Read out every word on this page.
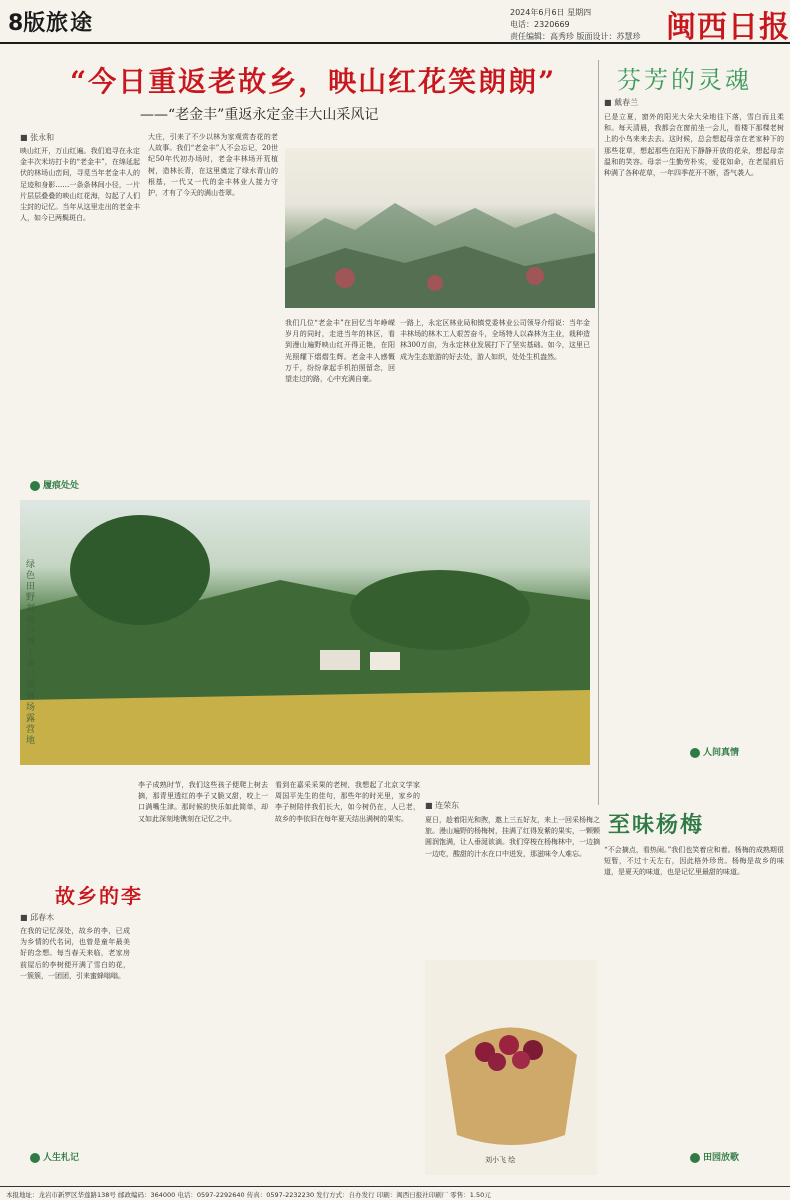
8版 旅途	2024年6月6日 星期四
电话：2320669
责任编辑：高秀珍 版面设计：苏慧珍 闽西日报
“今日重返老故乡，映山红花笑朗朗”
——“老金丰”重返永定金丰大山采风记
芬芳的灵魂
■ 戴春兰
■ 张永和
映山红开，万山红遍。我们追寻在永定金丰次米坊打卡的“老金丰”，在绵延起伏的林场山峦间，寻觅当年老金丰人的足迹和身影……一条条林间小径，一片片层层叠叠的映山红花海，勾起了人们尘封的记忆。当年从这里走出的老金丰人，如今已两鬓斑白。
大庄，引来了不少以林为家观赏杏花的老人故事。我们“老金丰”人不会忘记，20世纪50年代初办场时，老金丰林场开荒植树，造林长青，在这里奠定了绿水青山的根基，一代又一代的金丰林业人接力守护，才有了今天的满山苍翠。
我们几位“老金丰”在回忆当年峥嵘岁月的同时，走进当年的林区，看到漫山遍野映山红开得正艳，在阳光照耀下熠熠生辉。老金丰人感慨万千，纷纷拿起手机拍照留念，回望走过的路，心中充满自豪。
一路上，永定区林业局和镇党委林业公司领导介绍说：当年金丰林场的林木工人艰苦奋斗，全场特人以森林为主业，栽种造林300万亩，为永定林业发展打下了坚实基础。如今，这里已成为生态旅游的好去处，游人如织，处处生机盎然。
履痕处处
已是立夏，窗外的阳光大朵大朵地往下落，雪白而且柔和。每天清晨，我都会在窗前坐一会儿，看楼下那棵老树上的小鸟来来去去。这时候，总会想起母亲在老家种下的那些花草，想起那些在阳光下静静开放的花朵，想起母亲温和的笑容。母亲一生勤劳朴实，爱花如命，在老屋前后种满了各种花草，一年四季花开不断，香气袭人。
人间真情
绿色田野 刘丽芬 摄于迪口镇林场露营地
故乡的李
■ 邱春木
在我的记忆深处，故乡的李，已成为乡情的代名词，也曾是童年最美好的念想。每当春天来临，老家房前屋后的李树便开满了雪白的花，一簇簇，一团团，引来蜜蜂嗡嗡。
李子成熟时节，我们这些孩子便爬上树去摘，那青里透红的李子又脆又甜，咬上一口满嘴生津。那时候的快乐如此简单，却又如此深刻地镌刻在记忆之中。
看到在嘉采采果的老树，我想起了北京文学家周国平先生的佳句，那些年的时光里，家乡的李子树陪伴我们长大，如今树仍在，人已老，故乡的李依旧在每年夏天结出满树的果实。
人生札记
至味杨梅
■ 连荣东
夏日，趁着阳光和煦，邀上三五好友，来上一回采杨梅之旅。漫山遍野的杨梅树，挂满了红得发紫的果实，一颗颗圆润饱满，让人垂涎欲滴。我们穿梭在杨梅林中，一边摘一边吃，酸甜的汁水在口中迸发，那滋味令人难忘。	“不会摘点，看热闹。”我们也笑着应和着。杨梅的成熟期很短暂，不过十天左右，因此格外珍贵。杨梅是故乡的味道，是夏天的味道，也是记忆里最甜的味道。
刘小飞 绘	田园放歌
本报地址：龙岩市新罗区华莲路138号 邮政编码：364000 电话：0597-2292640 传真：0597-2232230 发行方式：自办发行 印刷：闽西日报社印刷厂 零售：1.50元
